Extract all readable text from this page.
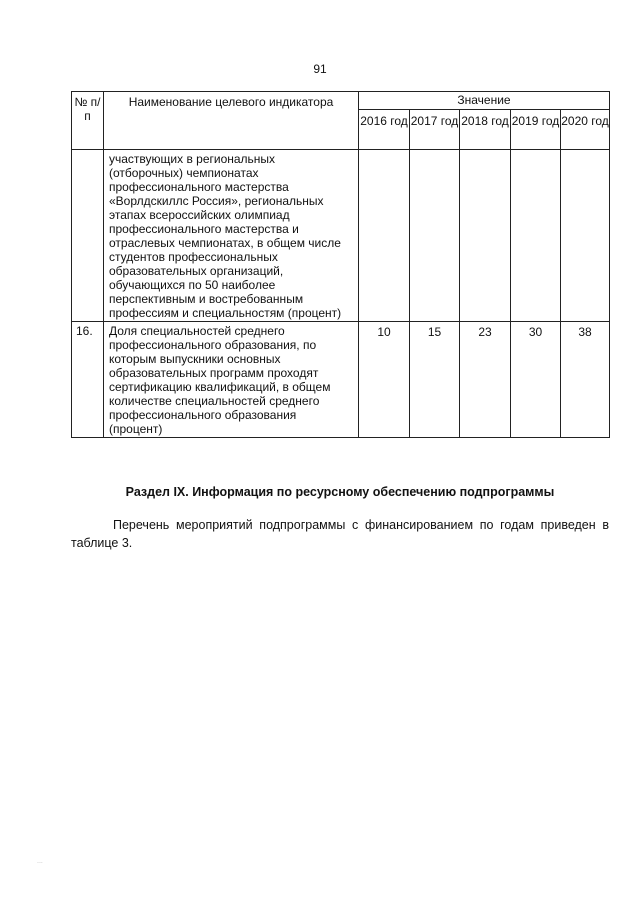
91
№ п/п	Наименование целевого индикатора	Значение				
		2016 год	2017 год	2018 год	2019 год	2020 год
	участвующих в региональных (отборочных) чемпионатах профессионального мастерства «Ворлдскиллс Россия», региональных этапах всероссийских олимпиад профессионального мастерства и отраслевых чемпионатах, в общем числе студентов профессиональных образовательных организаций, обучающихся по 50 наиболее перспективным и востребованным профессиям и специальностям (процент)					
16.	Доля специальностей среднего профессионального образования, по которым выпускники основных образовательных программ проходят сертификацию квалификаций, в общем количестве специальностей среднего профессионального образования (процент)	10	15	23	30	38
Раздел IX. Информация по ресурсному обеспечению подпрограммы
Перечень мероприятий подпрограммы с финансированием по годам приведен в таблице 3.
...
